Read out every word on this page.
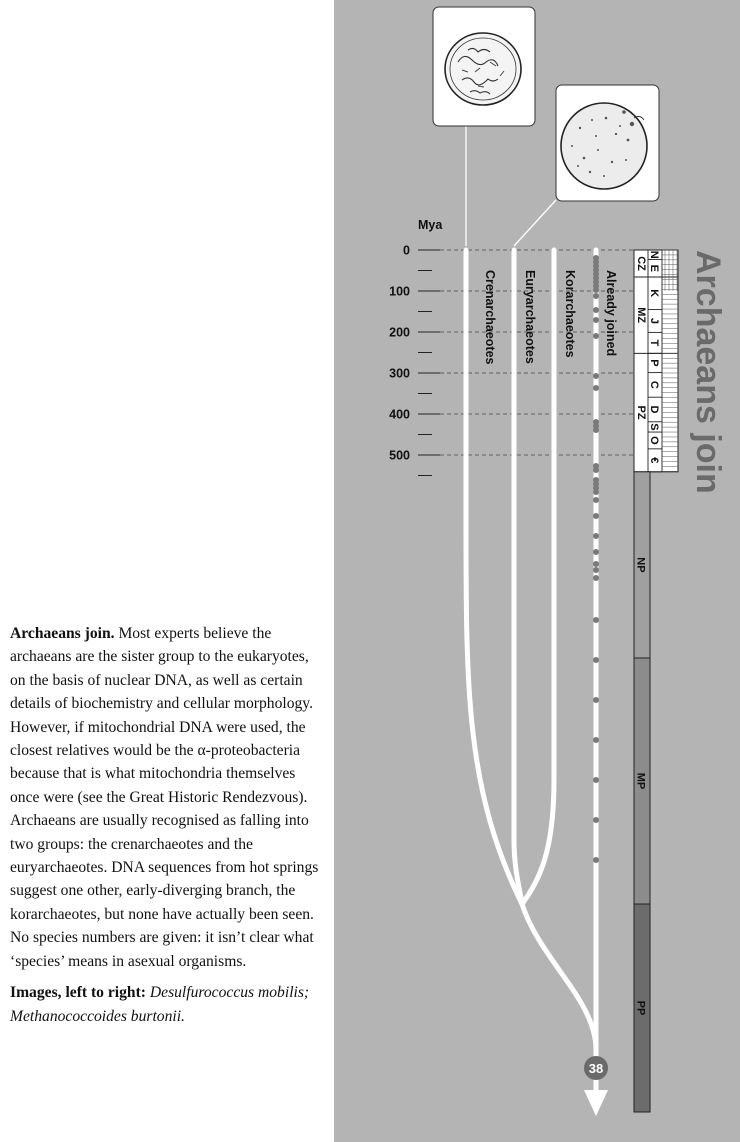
Mya
0
100
200
300
400
500
Crenarchaeotes Euryarchaeotes Korarchaeotes Already joined
CZ
N
E
MZ
K
J
T
PZ
P
C
D
S
O
€
NP
MP
PP
38
Archaeans join

Archaeans join. Most experts believe the archaeans are the sister group to the eukaryotes, on the basis of nuclear DNA, as well as certain details of biochemistry and cellular morphology. However, if mitochondrial DNA were used, the closest relatives would be the α-proteobacteria because that is what mitochondria themselves once were (see the Great Historic Rendezvous). Archaeans are usually recognised as falling into two groups: the crenarchaeotes and the euryarchaeotes. DNA sequences from hot springs suggest one other, early-diverging branch, the korarchaeotes, but none have actually been seen. No species numbers are given: it isn’t clear what ‘species’ means in asexual organisms.

Images, left to right: Desulfurococcus mobilis; Methanococcoides burtonii.
